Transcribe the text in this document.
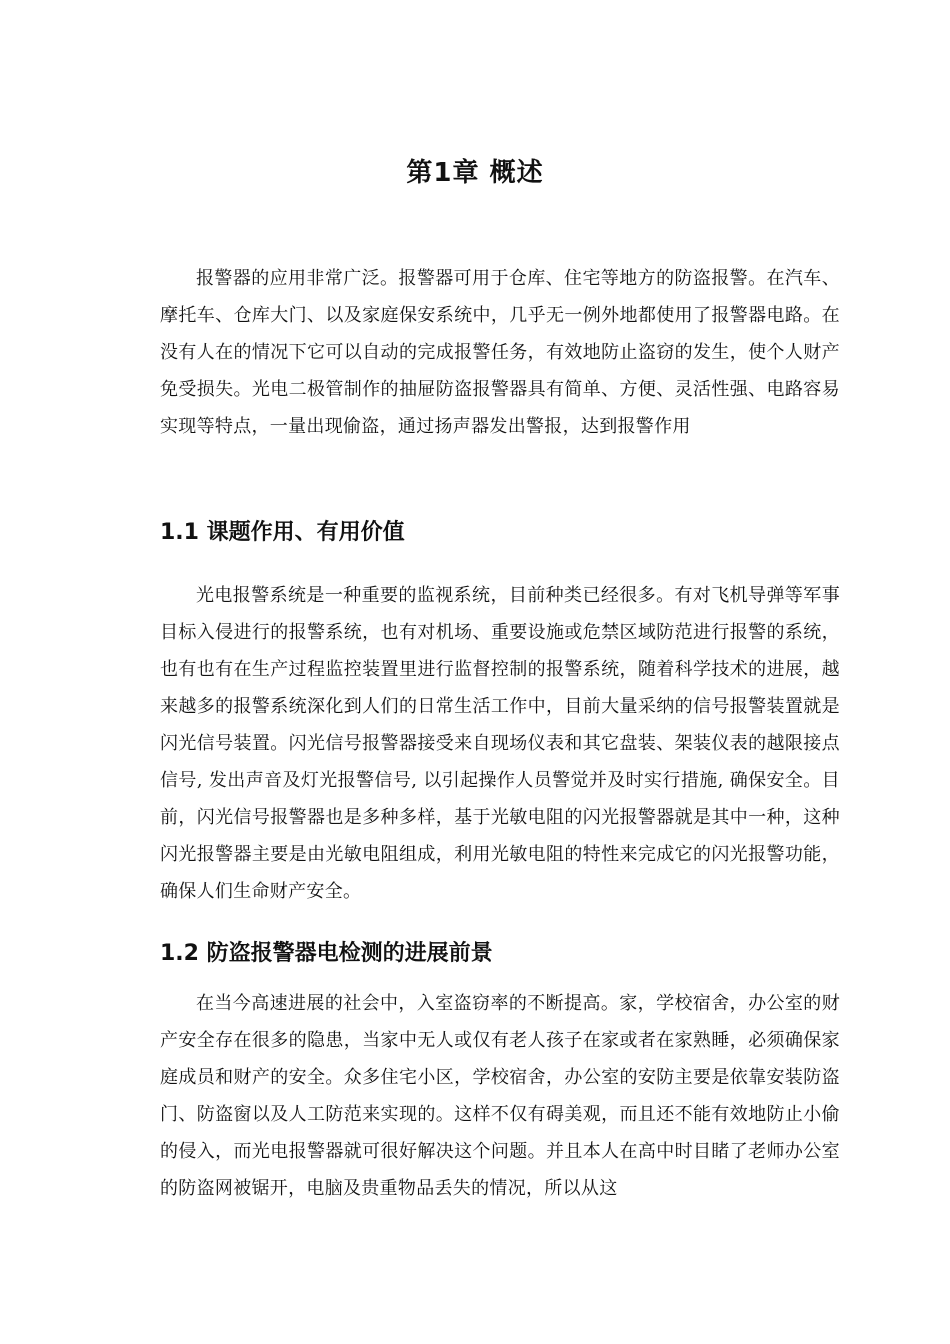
第1章 概述

报警器的应用非常广泛。报警器可用于仓库、住宅等地方的防盗报警。在汽车、摩托车、仓库大门、以及家庭保安系统中，几乎无一例外地都使用了报警器电路。在没有人在的情况下它可以自动的完成报警任务，有效地防止盗窃的发生，使个人财产免受损失。光电二极管制作的抽屉防盗报警器具有简单、方便、灵活性强、电路容易实现等特点，一量出现偷盗，通过扬声器发出警报，达到报警作用

1.1 课题作用、有用价值

光电报警系统是一种重要的监视系统，目前种类已经很多。有对飞机导弹等军事目标入侵进行的报警系统，也有对机场、重要设施或危禁区域防范进行报警的系统，也有也有在生产过程监控装置里进行监督控制的报警系统，随着科学技术的进展，越来越多的报警系统深化到人们的日常生活工作中，目前大量采纳的信号报警装置就是闪光信号装置。闪光信号报警器接受来自现场仪表和其它盘装、架装仪表的越限接点信号, 发出声音及灯光报警信号, 以引起操作人员警觉并及时实行措施, 确保安全。目前，闪光信号报警器也是多种多样，基于光敏电阻的闪光报警器就是其中一种，这种闪光报警器主要是由光敏电阻组成，利用光敏电阻的特性来完成它的闪光报警功能，确保人们生命财产安全。

1.2 防盗报警器电检测的进展前景

在当今高速进展的社会中，入室盗窃率的不断提高。家，学校宿舍，办公室的财产安全存在很多的隐患，当家中无人或仅有老人孩子在家或者在家熟睡，必须确保家庭成员和财产的安全。众多住宅小区，学校宿舍，办公室的安防主要是依靠安装防盗门、防盗窗以及人工防范来实现的。这样不仅有碍美观，而且还不能有效地防止小偷的侵入，而光电报警器就可很好解决这个问题。并且本人在高中时目睹了老师办公室的防盗网被锯开，电脑及贵重物品丢失的情况，所以从这
